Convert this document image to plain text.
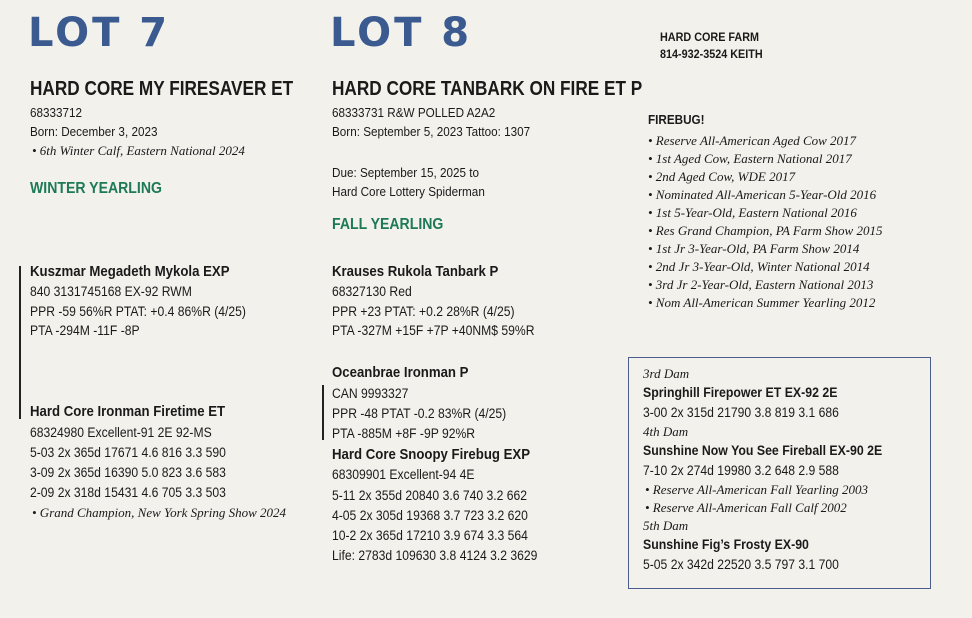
LOT 7
HARD CORE MY FIRESAVER ET
68333712
Born: December 3, 2023
• 6th Winter Calf, Eastern National 2024
WINTER YEARLING
Kuszmar Megadeth Mykola EXP
840 3131745168 EX-92 RWM
PPR -59 56%R PTAT: +0.4 86%R (4/25)
PTA -294M -11F -8P
Hard Core Ironman Firetime ET
68324980 Excellent-91 2E 92-MS
5-03 2x 365d 17671 4.6 816 3.3 590
3-09 2x 365d 16390 5.0 823 3.6 583
2-09 2x 318d 15431 4.6 705 3.3 503
• Grand Champion, New York Spring Show 2024
LOT 8
HARD CORE TANBARK ON FIRE ET P
68333731 R&W POLLED A2A2
Born: September 5, 2023 Tattoo: 1307
Due: September 15, 2025 to
Hard Core Lottery Spiderman
FALL YEARLING
Krauses Rukola Tanbark P
68327130 Red
PPR +23 PTAT: +0.2 28%R (4/25)
PTA -327M +15F +7P +40NM$ 59%R
Oceanbrae Ironman P
CAN 9993327
PPR -48 PTAT -0.2 83%R (4/25)
PTA -885M +8F -9P 92%R
Hard Core Snoopy Firebug EXP
68309901 Excellent-94 4E
5-11 2x 355d 20840 3.6 740 3.2 662
4-05 2x 305d 19368 3.7 723 3.2 620
10-2 2x 365d 17210 3.9 674 3.3 564
Life: 2783d 109630 3.8 4124 3.2 3629
HARD CORE FARM
814-932-3524 KEITH
FIREBUG!
• Reserve All-American Aged Cow 2017
• 1st Aged Cow, Eastern National 2017
• 2nd Aged Cow, WDE 2017
• Nominated All-American 5-Year-Old 2016
• 1st 5-Year-Old, Eastern National 2016
• Res Grand Champion, PA Farm Show 2015
• 1st Jr 3-Year-Old, PA Farm Show 2014
• 2nd Jr 3-Year-Old, Winter National 2014
• 3rd Jr 2-Year-Old, Eastern National 2013
• Nom All-American Summer Yearling 2012
3rd Dam
Springhill Firepower ET EX-92 2E
3-00 2x 315d 21790 3.8 819 3.1 686
4th Dam
Sunshine Now You See Fireball EX-90 2E
7-10 2x 274d 19980 3.2 648 2.9 588
• Reserve All-American Fall Yearling 2003
• Reserve All-American Fall Calf 2002
5th Dam
Sunshine Fig’s Frosty EX-90
5-05 2x 342d 22520 3.5 797 3.1 700
